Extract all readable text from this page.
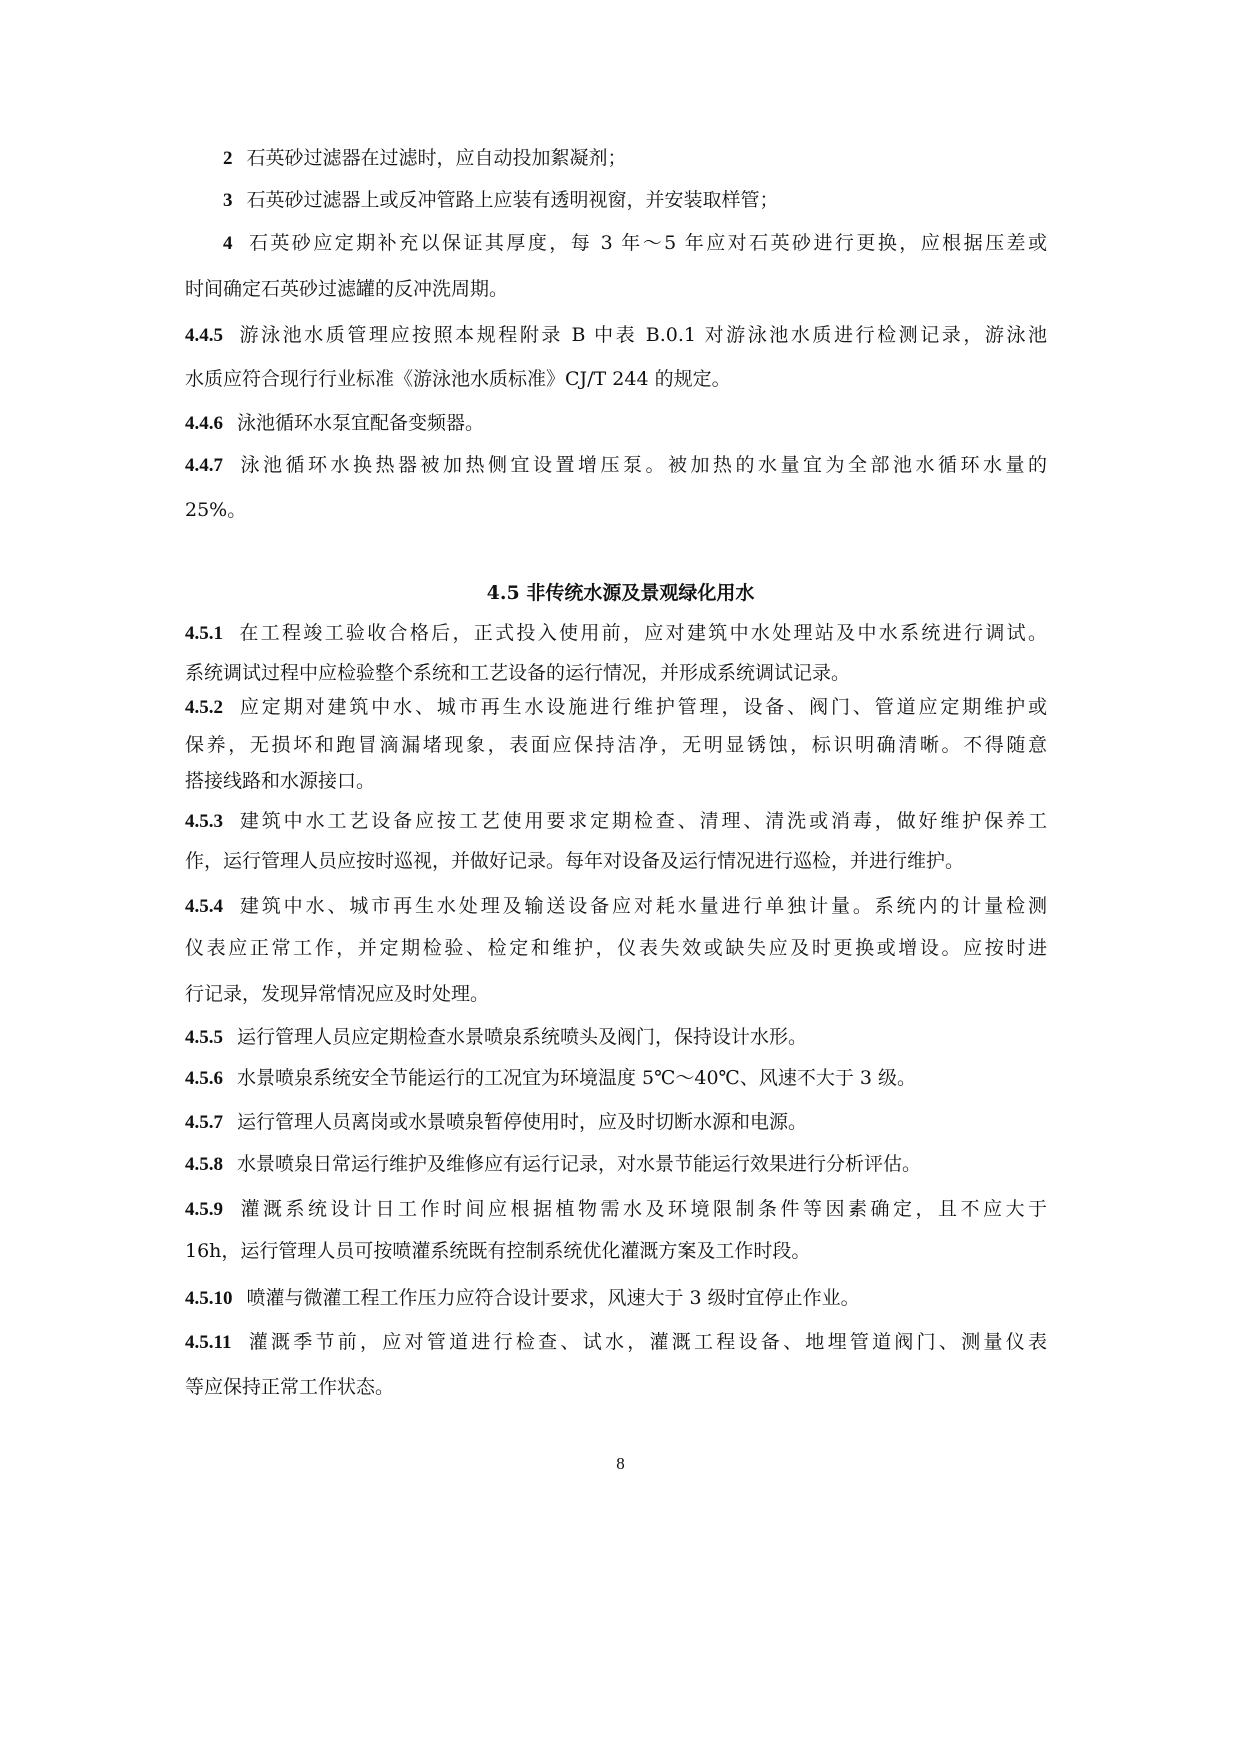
2 石英砂过滤器在过滤时，应自动投加絮凝剂；
3 石英砂过滤器上或反冲管路上应装有透明视窗，并安装取样管；
4 石英砂应定期补充以保证其厚度，每 3 年～5 年应对石英砂进行更换，应根据压差或
时间确定石英砂过滤罐的反冲洗周期。
4.4.5 游泳池水质管理应按照本规程附录 B 中表 B.0.1 对游泳池水质进行检测记录，游泳池
水质应符合现行行业标准《游泳池水质标准》CJ/T 244 的规定。
4.4.6 泳池循环水泵宜配备变频器。
4.4.7 泳池循环水换热器被加热侧宜设置增压泵。被加热的水量宜为全部池水循环水量的
25%。
4.5 非传统水源及景观绿化用水
4.5.1 在工程竣工验收合格后，正式投入使用前，应对建筑中水处理站及中水系统进行调试。
系统调试过程中应检验整个系统和工艺设备的运行情况，并形成系统调试记录。
4.5.2 应定期对建筑中水、城市再生水设施进行维护管理，设备、阀门、管道应定期维护或
保养，无损坏和跑冒滴漏堵现象，表面应保持洁净，无明显锈蚀，标识明确清晰。不得随意
搭接线路和水源接口。
4.5.3 建筑中水工艺设备应按工艺使用要求定期检查、清理、清洗或消毒，做好维护保养工
作，运行管理人员应按时巡视，并做好记录。每年对设备及运行情况进行巡检，并进行维护。
4.5.4 建筑中水、城市再生水处理及输送设备应对耗水量进行单独计量。系统内的计量检测
仪表应正常工作，并定期检验、检定和维护，仪表失效或缺失应及时更换或增设。应按时进
行记录，发现异常情况应及时处理。
4.5.5 运行管理人员应定期检查水景喷泉系统喷头及阀门，保持设计水形。
4.5.6 水景喷泉系统安全节能运行的工况宜为环境温度 5℃～40℃、风速不大于 3 级。
4.5.7 运行管理人员离岗或水景喷泉暂停使用时，应及时切断水源和电源。
4.5.8 水景喷泉日常运行维护及维修应有运行记录，对水景节能运行效果进行分析评估。
4.5.9 灌溉系统设计日工作时间应根据植物需水及环境限制条件等因素确定，且不应大于
16h，运行管理人员可按喷灌系统既有控制系统优化灌溉方案及工作时段。
4.5.10 喷灌与微灌工程工作压力应符合设计要求，风速大于 3 级时宜停止作业。
4.5.11 灌溉季节前，应对管道进行检查、试水，灌溉工程设备、地埋管道阀门、测量仪表
等应保持正常工作状态。
8
